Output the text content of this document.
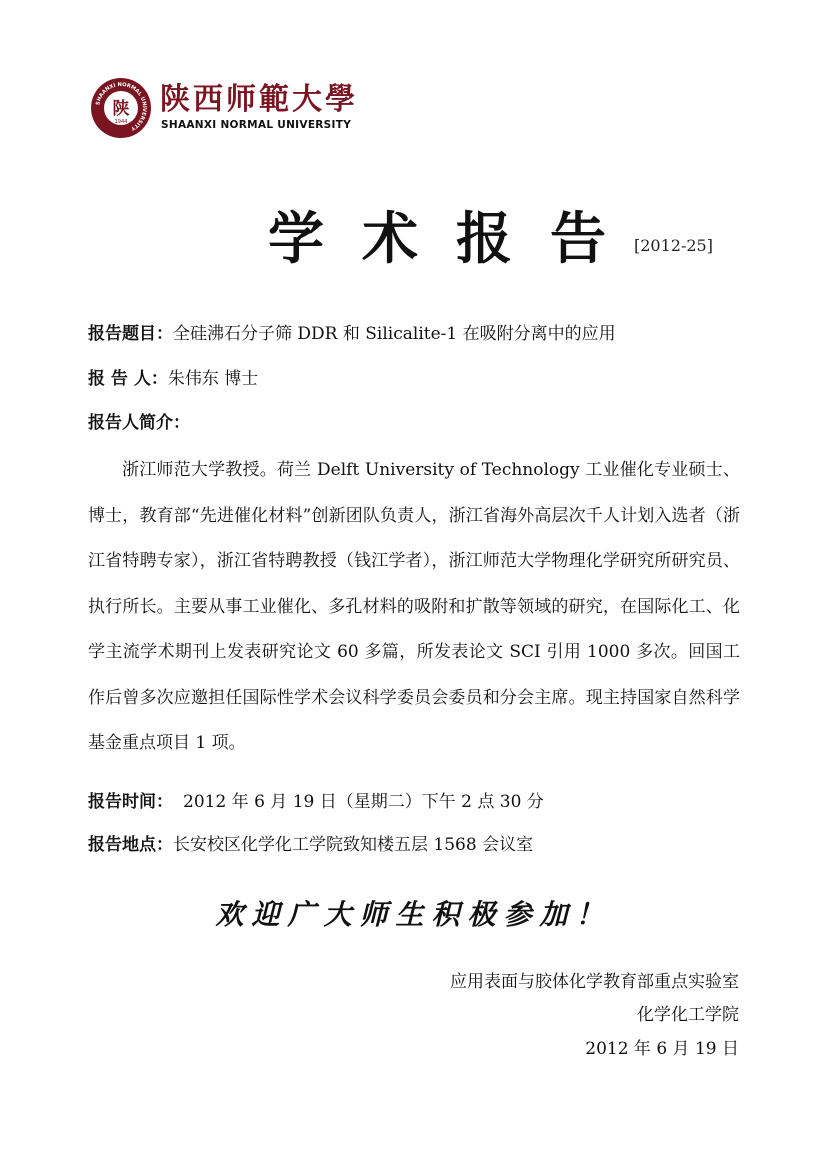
SHAANXI NORMAL UNIVERSITY
陕
1944
陕西师範大學
SHAANXI NORMAL UNIVERSITY
学术报告
[2012-25]
报告题目：全硅沸石分子筛 DDR 和 Silicalite-1 在吸附分离中的应用
报 告 人：朱伟东 博士
报告人简介：
浙江师范大学教授。荷兰 Delft University of Technology 工业催化专业硕士、博士，教育部“先进催化材料”创新团队负责人，浙江省海外高层次千人计划入选者（浙江省特聘专家），浙江省特聘教授（钱江学者），浙江师范大学物理化学研究所研究员、执行所长。主要从事工业催化、多孔材料的吸附和扩散等领域的研究，在国际化工、化学主流学术期刊上发表研究论文 60 多篇，所发表论文 SCI 引用 1000 多次。回国工作后曾多次应邀担任国际性学术会议科学委员会委员和分会主席。现主持国家自然科学基金重点项目 1 项。
报告时间： 2012 年 6 月 19 日（星期二）下午 2 点 30 分
报告地点：长安校区化学化工学院致知楼五层 1568 会议室
欢迎广大师生积极参加！
应用表面与胶体化学教育部重点实验室
化学化工学院
2012 年 6 月 19 日
